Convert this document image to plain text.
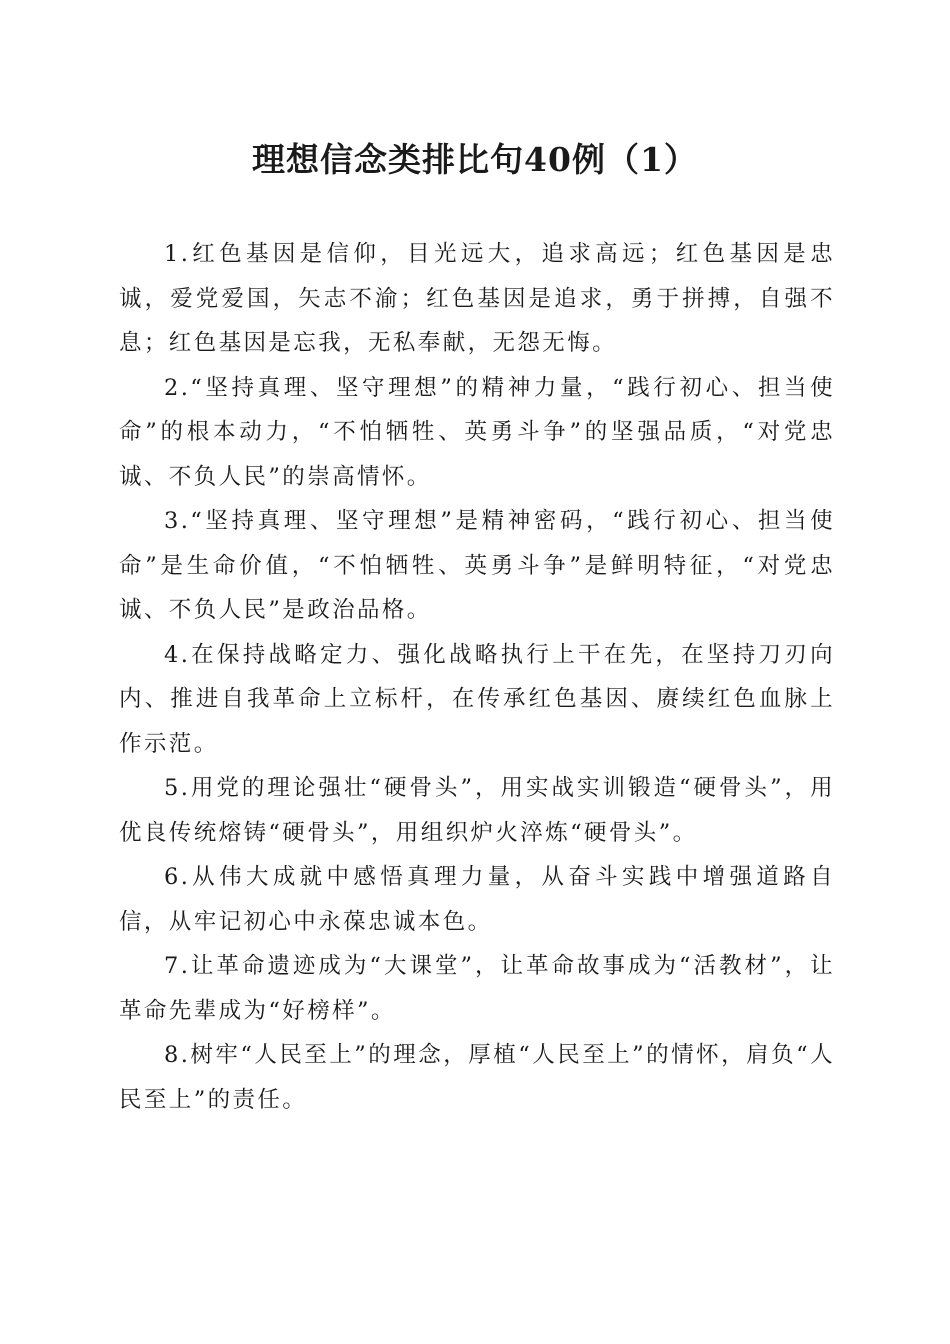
理想信念类排比句40例（1）

1.红色基因是信仰，目光远大，追求高远；红色基因是忠诚，爱党爱国，矢志不渝；红色基因是追求，勇于拼搏，自强不息；红色基因是忘我，无私奉献，无怨无悔。

2.“坚持真理、坚守理想”的精神力量，“践行初心、担当使命”的根本动力，“不怕牺牲、英勇斗争”的坚强品质，“对党忠诚、不负人民”的崇高情怀。

3.“坚持真理、坚守理想”是精神密码，“践行初心、担当使命”是生命价值，“不怕牺牲、英勇斗争”是鲜明特征，“对党忠诚、不负人民”是政治品格。

4.在保持战略定力、强化战略执行上干在先，在坚持刀刃向内、推进自我革命上立标杆，在传承红色基因、赓续红色血脉上作示范。

5.用党的理论强壮“硬骨头”，用实战实训锻造“硬骨头”，用优良传统熔铸“硬骨头”，用组织炉火淬炼“硬骨头”。

6.从伟大成就中感悟真理力量，从奋斗实践中增强道路自信，从牢记初心中永葆忠诚本色。

7.让革命遗迹成为“大课堂”，让革命故事成为“活教材”，让革命先辈成为“好榜样”。

8.树牢“人民至上”的理念，厚植“人民至上”的情怀，肩负“人民至上”的责任。
